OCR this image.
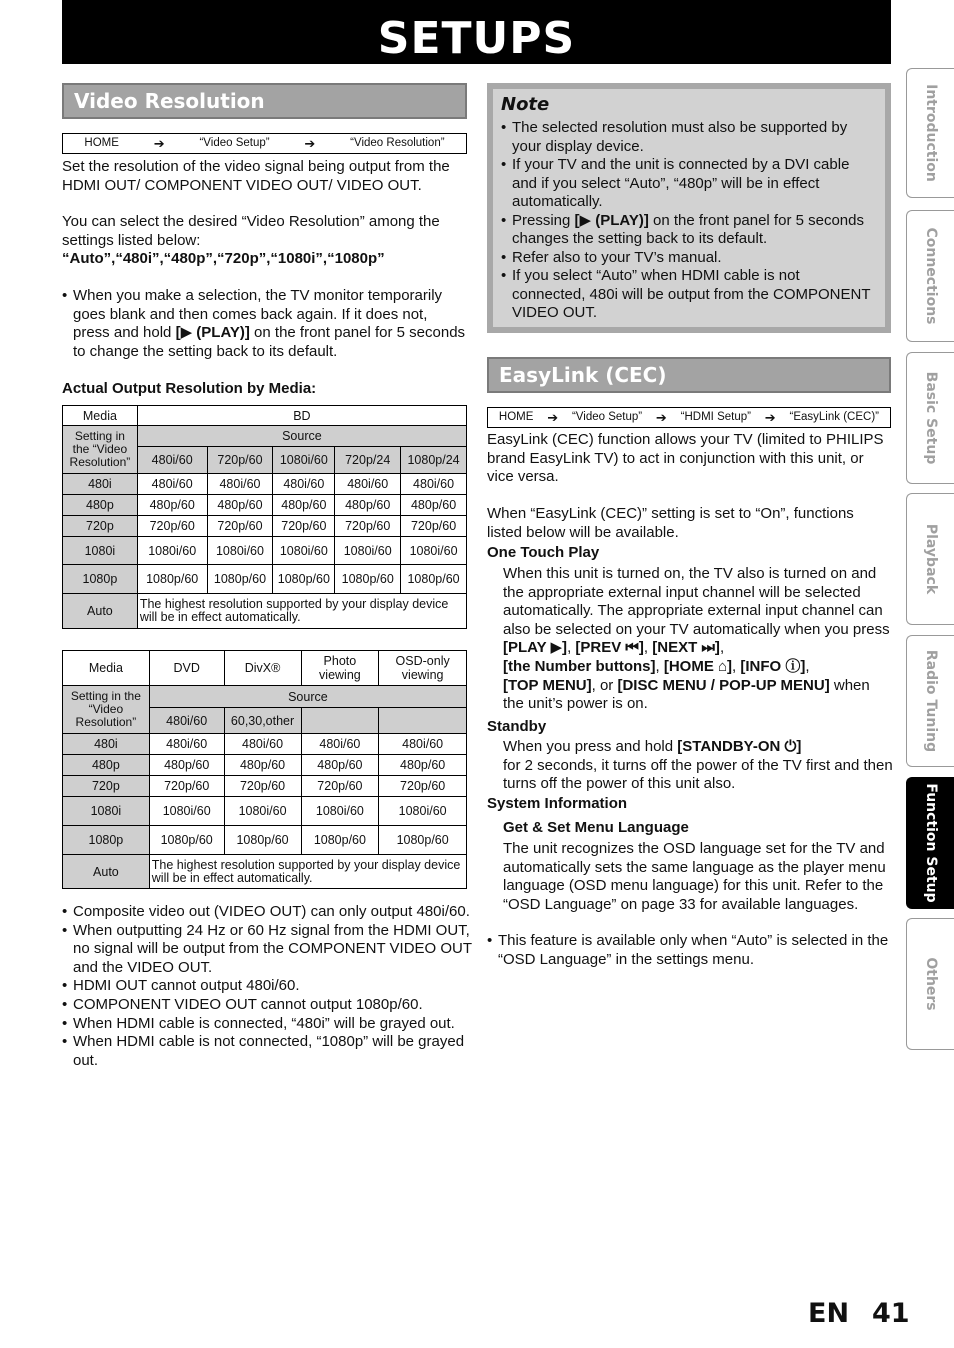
SETUPS
Video Resolution
HOME	➔	“Video Setup”	➔	“Video Resolution”
Set the resolution of the video signal being output from the HDMI OUT/ COMPONENT VIDEO OUT/ VIDEO OUT.
You can select the desired “Video Resolution” among the settings listed below:
“Auto”,“480i”,“480p”,“720p”,“1080i”,“1080p”
• When you make a selection, the TV monitor temporarily goes blank and then comes back again. If it does not, press and hold [▶ (PLAY)] on the front panel for 5 seconds to change the setting back to its default.
Actual Output Resolution by Media:
Media	BD				
Setting in the “Video Resolution”	Source				
	480i/60	720p/60	1080i/60	720p/24	1080p/24
480i	480i/60	480i/60	480i/60	480i/60	480i/60
480p	480p/60	480p/60	480p/60	480p/60	480p/60
720p	720p/60	720p/60	720p/60	720p/60	720p/60
1080i	1080i/60	1080i/60	1080i/60	1080i/60	1080i/60
1080p	1080p/60	1080p/60	1080p/60	1080p/60	1080p/60
Auto	The highest resolution supported by your display device will be in effect automatically.				
Media	DVD	DivX®	Photo viewing	OSD-only viewing
Setting in the “Video Resolution”	Source			
	480i/60	60,30,other		
480i	480i/60	480i/60	480i/60	480i/60
480p	480p/60	480p/60	480p/60	480p/60
720p	720p/60	720p/60	720p/60	720p/60
1080i	1080i/60	1080i/60	1080i/60	1080i/60
1080p	1080p/60	1080p/60	1080p/60	1080p/60
Auto	The highest resolution supported by your display device will be in effect automatically.			
• Composite video out (VIDEO OUT) can only output 480i/60.
• When outputting 24 Hz or 60 Hz signal from the HDMI OUT, no signal will be output from the COMPONENT VIDEO OUT and the VIDEO OUT.
• HDMI OUT cannot output 480i/60.
• COMPONENT VIDEO OUT cannot output 1080p/60.
• When HDMI cable is connected, “480i” will be grayed out.
• When HDMI cable is not connected, “1080p” will be grayed out.
Note
• The selected resolution must also be supported by your display device.
• If your TV and the unit is connected by a DVI cable and if you select “Auto”, “480p” will be in effect automatically.
• Pressing [▶ (PLAY)] on the front panel for 5 seconds changes the setting back to its default.
• Refer also to your TV’s manual.
• If you select “Auto” when HDMI cable is not connected, 480i will be output from the COMPONENT VIDEO OUT.
EasyLink (CEC)
HOME ➔ “Video Setup” ➔ “HDMI Setup” ➔ “EasyLink (CEC)”
EasyLink (CEC) function allows your TV (limited to PHILIPS brand EasyLink TV) to act in conjunction with this unit, or vice versa.
When “EasyLink (CEC)” setting is set to “On”, functions listed below will be available.
One Touch Play
When this unit is turned on, the TV also is turned on and the appropriate external input channel will be selected automatically. The appropriate external input channel can also be selected on your TV automatically when you press [PLAY ▶], [PREV ⏮], [NEXT ⏭],
[the Number buttons], [HOME ⌂], [INFO ⓘ],
[TOP MENU], or [DISC MENU / POP-UP MENU] when the unit’s power is on.
Standby
When you press and hold [STANDBY-ON ⏻]
for 2 seconds, it turns off the power of the TV first and then turns off the power of this unit also.
System Information
Get & Set Menu Language
The unit recognizes the OSD language set for the TV and automatically sets the same language as the player menu language (OSD menu language) for this unit. Refer to the “OSD Language” on page 33 for available languages.
• This feature is available only when “Auto” is selected in the “OSD Language” in the settings menu.
Introduction
Connections
Basic Setup
Playback
Radio Tuning
Function Setup
Others
EN 41
